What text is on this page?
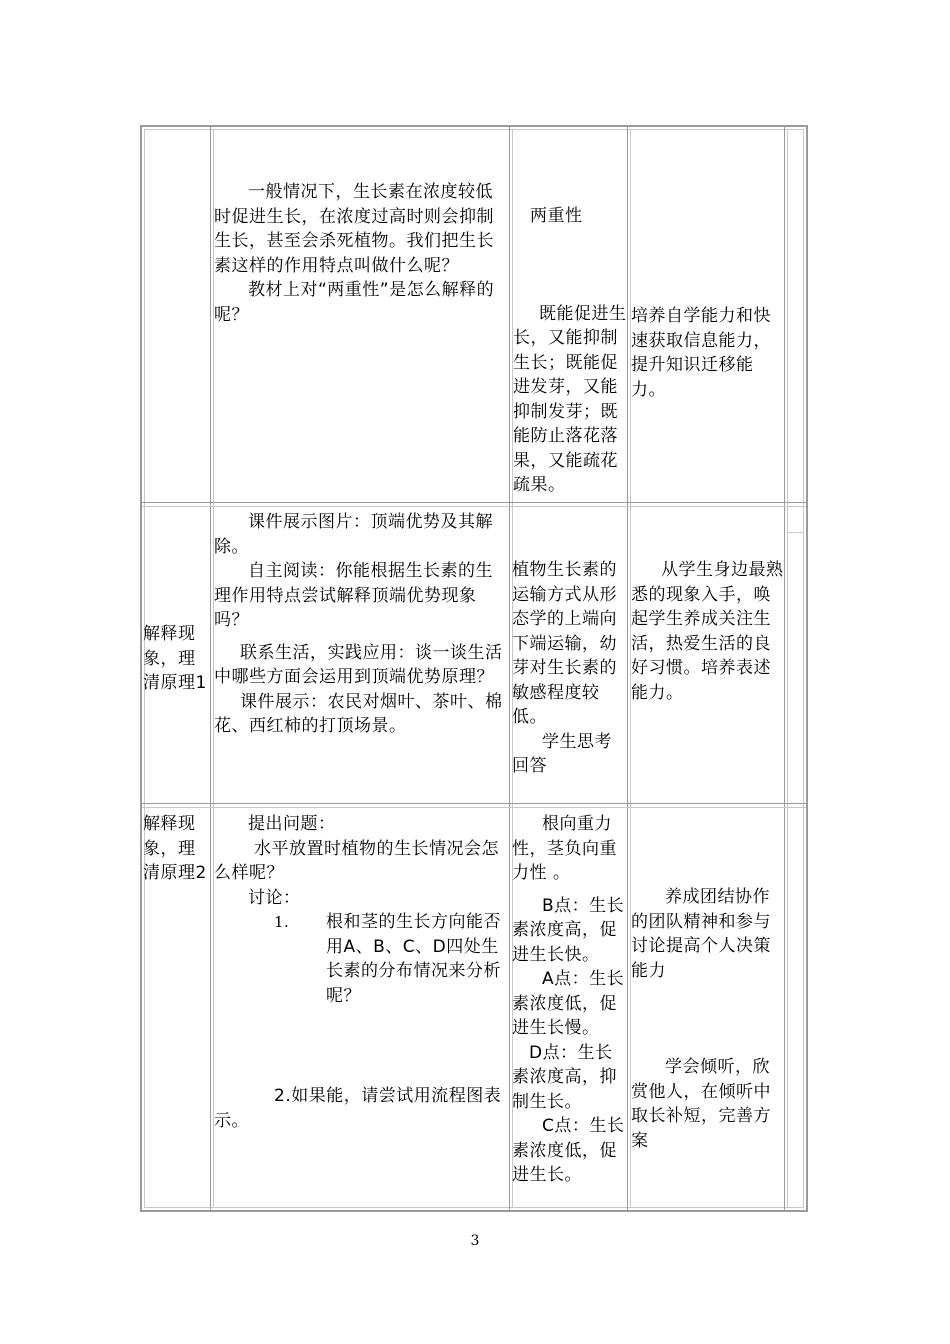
一般情况下，生长素在浓度较低时促进生长，在浓度过高时则会抑制生长，甚至会杀死植物。我们把生长素这样的作用特点叫做什么呢？

教材上对“两重性”是怎么解释的呢？

两重性

既能促进生长，又能抑制生长；既能促进发芽，又能抑制发芽；既能防止落花落果，又能疏花疏果。

培养自学能力和快速获取信息能力，提升知识迁移能力。

解释现象，理清原理1

课件展示图片：顶端优势及其解除。

自主阅读：你能根据生长素的生理作用特点尝试解释顶端优势现象吗？

联系生活，实践应用：谈一谈生活中哪些方面会运用到顶端优势原理？

课件展示：农民对烟叶、茶叶、棉花、西红柿的打顶场景。

植物生长素的运输方式从形态学的上端向下端运输，幼芽对生长素的敏感程度较低。

学生思考回答

从学生身边最熟悉的现象入手，唤起学生养成关注生活，热爱生活的良好习惯。培养表述能力。

解释现象，理清原理2

提出问题：

水平放置时植物的生长情况会怎么样呢？

讨论：

1. 根和茎的生长方向能否用A、B、C、D四处生长素的分布情况来分析呢？

2.如果能，请尝试用流程图表示。

根向重力性，茎负向重力性 。

B点：生长素浓度高，促进生长快。

A点：生长素浓度低，促进生长慢。

D点：生长素浓度高，抑制生长。

C点：生长素浓度低，促进生长。

养成团结协作的团队精神和参与讨论提高个人决策能力

学会倾听，欣赏他人，在倾听中取长补短，完善方案

3
